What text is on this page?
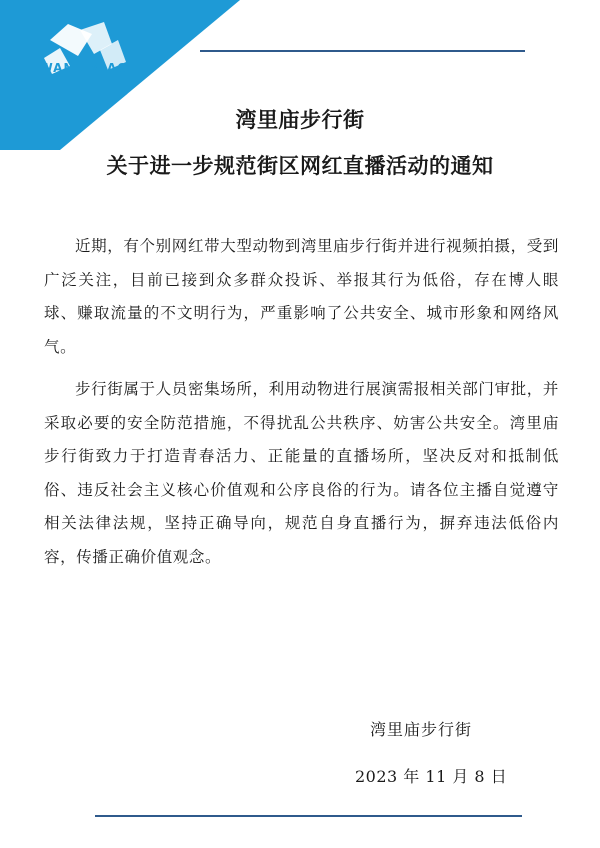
WANLIMIAO
湾里庙步行街
关于进一步规范街区网红直播活动的通知

近期，有个别网红带大型动物到湾里庙步行街并进行视频拍摄，受到广泛关注，目前已接到众多群众投诉、举报其行为低俗，存在博人眼球、赚取流量的不文明行为，严重影响了公共安全、城市形象和网络风气。

步行街属于人员密集场所，利用动物进行展演需报相关部门审批，并采取必要的安全防范措施，不得扰乱公共秩序、妨害公共安全。湾里庙步行街致力于打造青春活力、正能量的直播场所，坚决反对和抵制低俗、违反社会主义核心价值观和公序良俗的行为。请各位主播自觉遵守相关法律法规，坚持正确导向，规范自身直播行为，摒弃违法低俗内容，传播正确价值观念。

湾里庙步行街
2023 年 11 月 8 日
